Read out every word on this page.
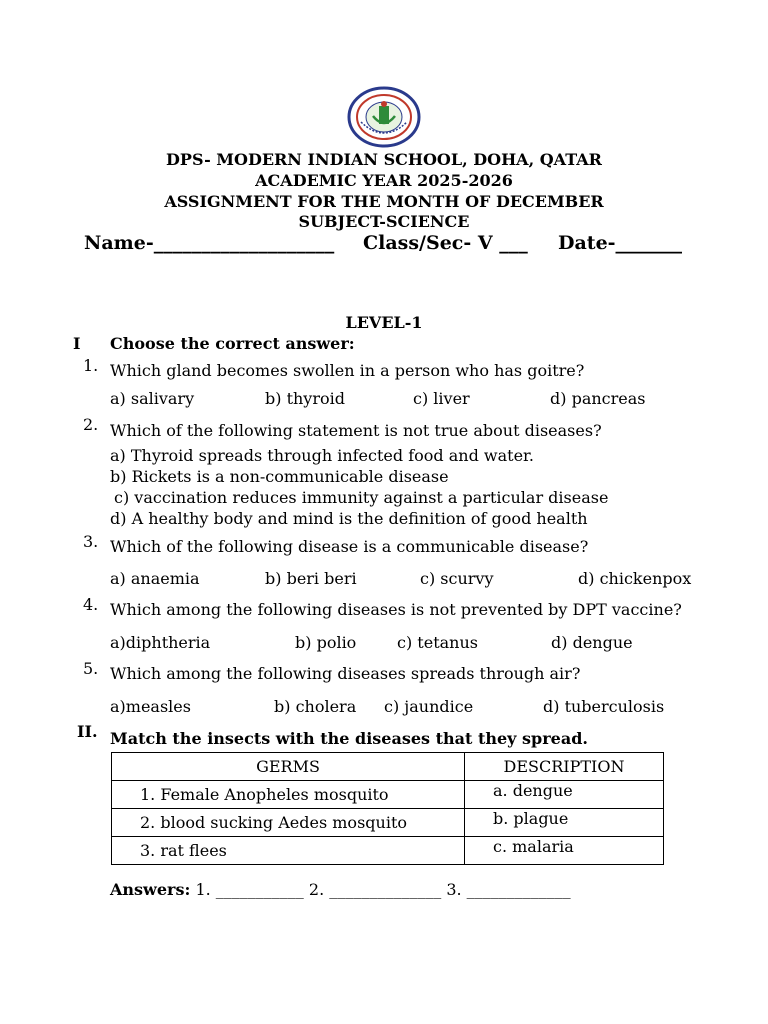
DPS- MODERN INDIAN SCHOOL, DOHA, QATAR
ACADEMIC YEAR 2025-2026
ASSIGNMENT FOR THE MONTH OF DECEMBER
SUBJECT-SCIENCE
Name-___________________ Class/Sec- V ___ Date-_______
LEVEL-1
I Choose the correct answer:
1. Which gland becomes swollen in a person who has goitre?
a) salivary	b) thyroid	c) liver	d) pancreas
2. Which of the following statement is not true about diseases?
a) Thyroid spreads through infected food and water.
b) Rickets is a non-communicable disease
c) vaccination reduces immunity against a particular disease
d) A healthy body and mind is the definition of good health
3. Which of the following disease is a communicable disease?
a) anaemia	b) beri beri	c) scurvy	d) chickenpox
4. Which among the following diseases is not prevented by DPT vaccine?
a)diphtheria	b) polio	c) tetanus	d) dengue
5. Which among the following diseases spreads through air?
a)measles	b) cholera c) jaundice	d) tuberculosis
II. Match the insects with the diseases that they spread.
GERMS	DESCRIPTION
1. Female Anopheles mosquito	a. dengue
2. blood sucking Aedes mosquito	b. plague
3. rat flees	c. malaria
Answers: 1. ___________ 2. ______________ 3. _____________
